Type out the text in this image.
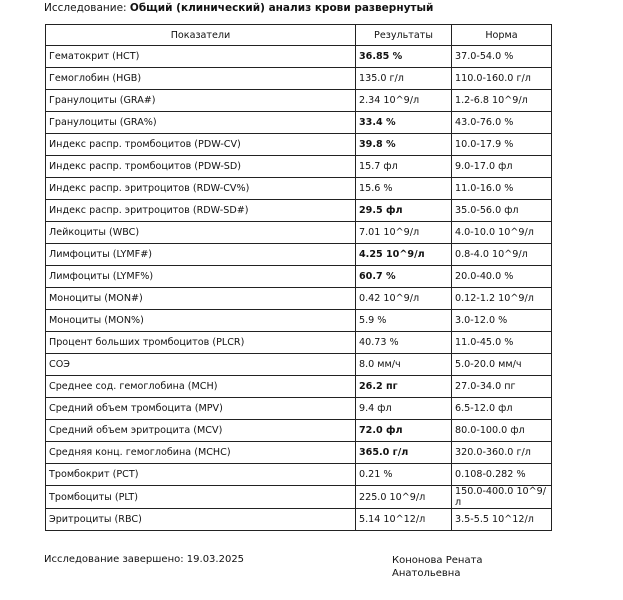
Исследование: Общий (клинический) анализ крови развернутый
Показатели	Результаты	Норма
Гематокрит (HCT)	36.85 %	37.0-54.0 %
Гемоглобин (HGB)	135.0 г/л	110.0-160.0 г/л
Гранулоциты (GRA#)	2.34 10^9/л	1.2-6.8 10^9/л
Гранулоциты (GRA%)	33.4 %	43.0-76.0 %
Индекс распр. тромбоцитов (PDW-CV)	39.8 %	10.0-17.9 %
Индекс распр. тромбоцитов (PDW-SD)	15.7 фл	9.0-17.0 фл
Индекс распр. эритроцитов (RDW-CV%)	15.6 %	11.0-16.0 %
Индекс распр. эритроцитов (RDW-SD#)	29.5 фл	35.0-56.0 фл
Лейкоциты (WBC)	7.01 10^9/л	4.0-10.0 10^9/л
Лимфоциты (LYMF#)	4.25 10^9/л	0.8-4.0 10^9/л
Лимфоциты (LYMF%)	60.7 %	20.0-40.0 %
Моноциты (MON#)	0.42 10^9/л	0.12-1.2 10^9/л
Моноциты (MON%)	5.9 %	3.0-12.0 %
Процент больших тромбоцитов (PLCR)	40.73 %	11.0-45.0 %
СОЭ	8.0 мм/ч	5.0-20.0 мм/ч
Среднее сод. гемоглобина (MCH)	26.2 пг	27.0-34.0 пг
Средний объем тромбоцита (MPV)	9.4 фл	6.5-12.0 фл
Средний объем эритроцита (MCV)	72.0 фл	80.0-100.0 фл
Средняя конц. гемоглобина (MCHC)	365.0 г/л	320.0-360.0 г/л
Тромбокрит (PCT)	0.21 %	0.108-0.282 %
Тромбоциты (PLT)	225.0 10^9/л	150.0-400.0 10^9/л
Эритроциты (RBC)	5.14 10^12/л	3.5-5.5 10^12/л
Исследование завершено: 19.03.2025	Кононова Рената Анатольевна
